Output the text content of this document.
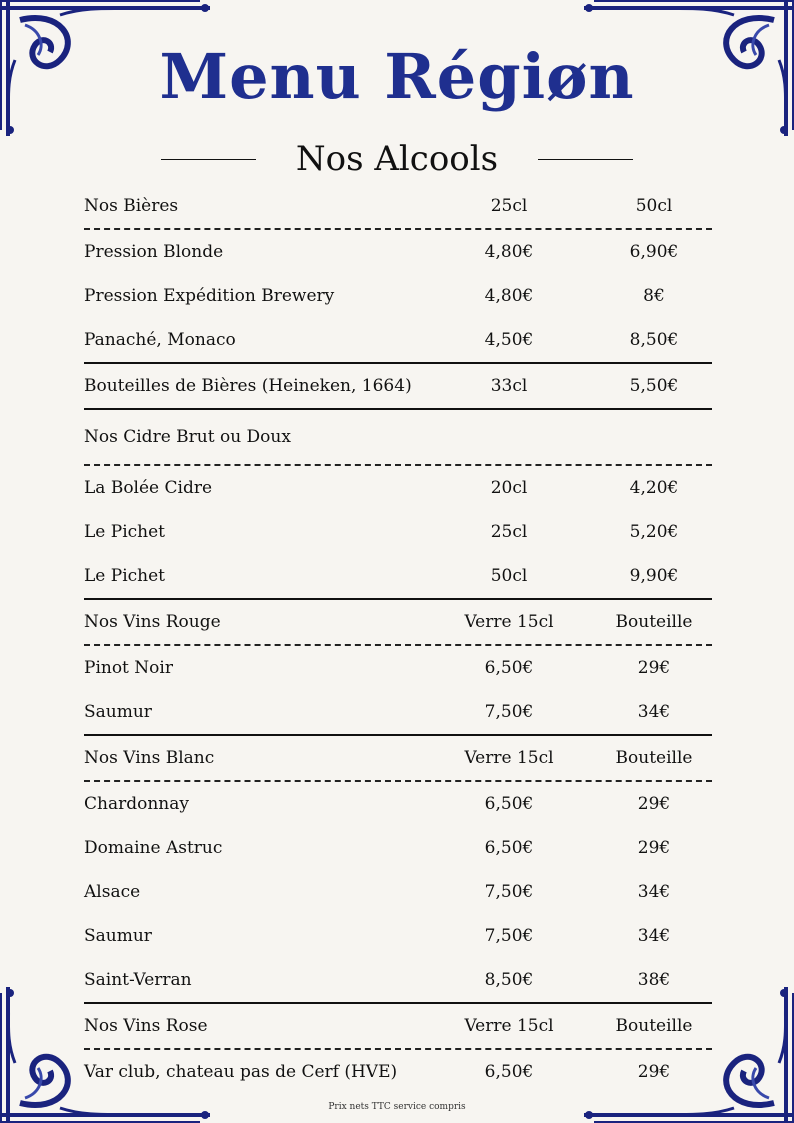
Menu Régiøn
Nos Alcools
Nos Bières	25cl	50cl
Pression Blonde	4,80€	6,90€
Pression Expédition Brewery	4,80€	8€
Panaché, Monaco	4,50€	8,50€
Bouteilles de Bières (Heineken, 1664)	33cl	5,50€
Nos Cidre Brut ou Doux
La Bolée Cidre	20cl	4,20€
Le Pichet	25cl	5,20€
Le Pichet	50cl	9,90€
Nos Vins Rouge	Verre 15cl	Bouteille
Pinot Noir	6,50€	29€
Saumur	7,50€	34€
Nos Vins Blanc	Verre 15cl	Bouteille
Chardonnay	6,50€	29€
Domaine Astruc	6,50€	29€
Alsace	7,50€	34€
Saumur	7,50€	34€
Saint-Verran	8,50€	38€
Nos Vins Rose	Verre 15cl	Bouteille
Var club, chateau pas de Cerf (HVE)	6,50€	29€
Prix nets TTC service compris
